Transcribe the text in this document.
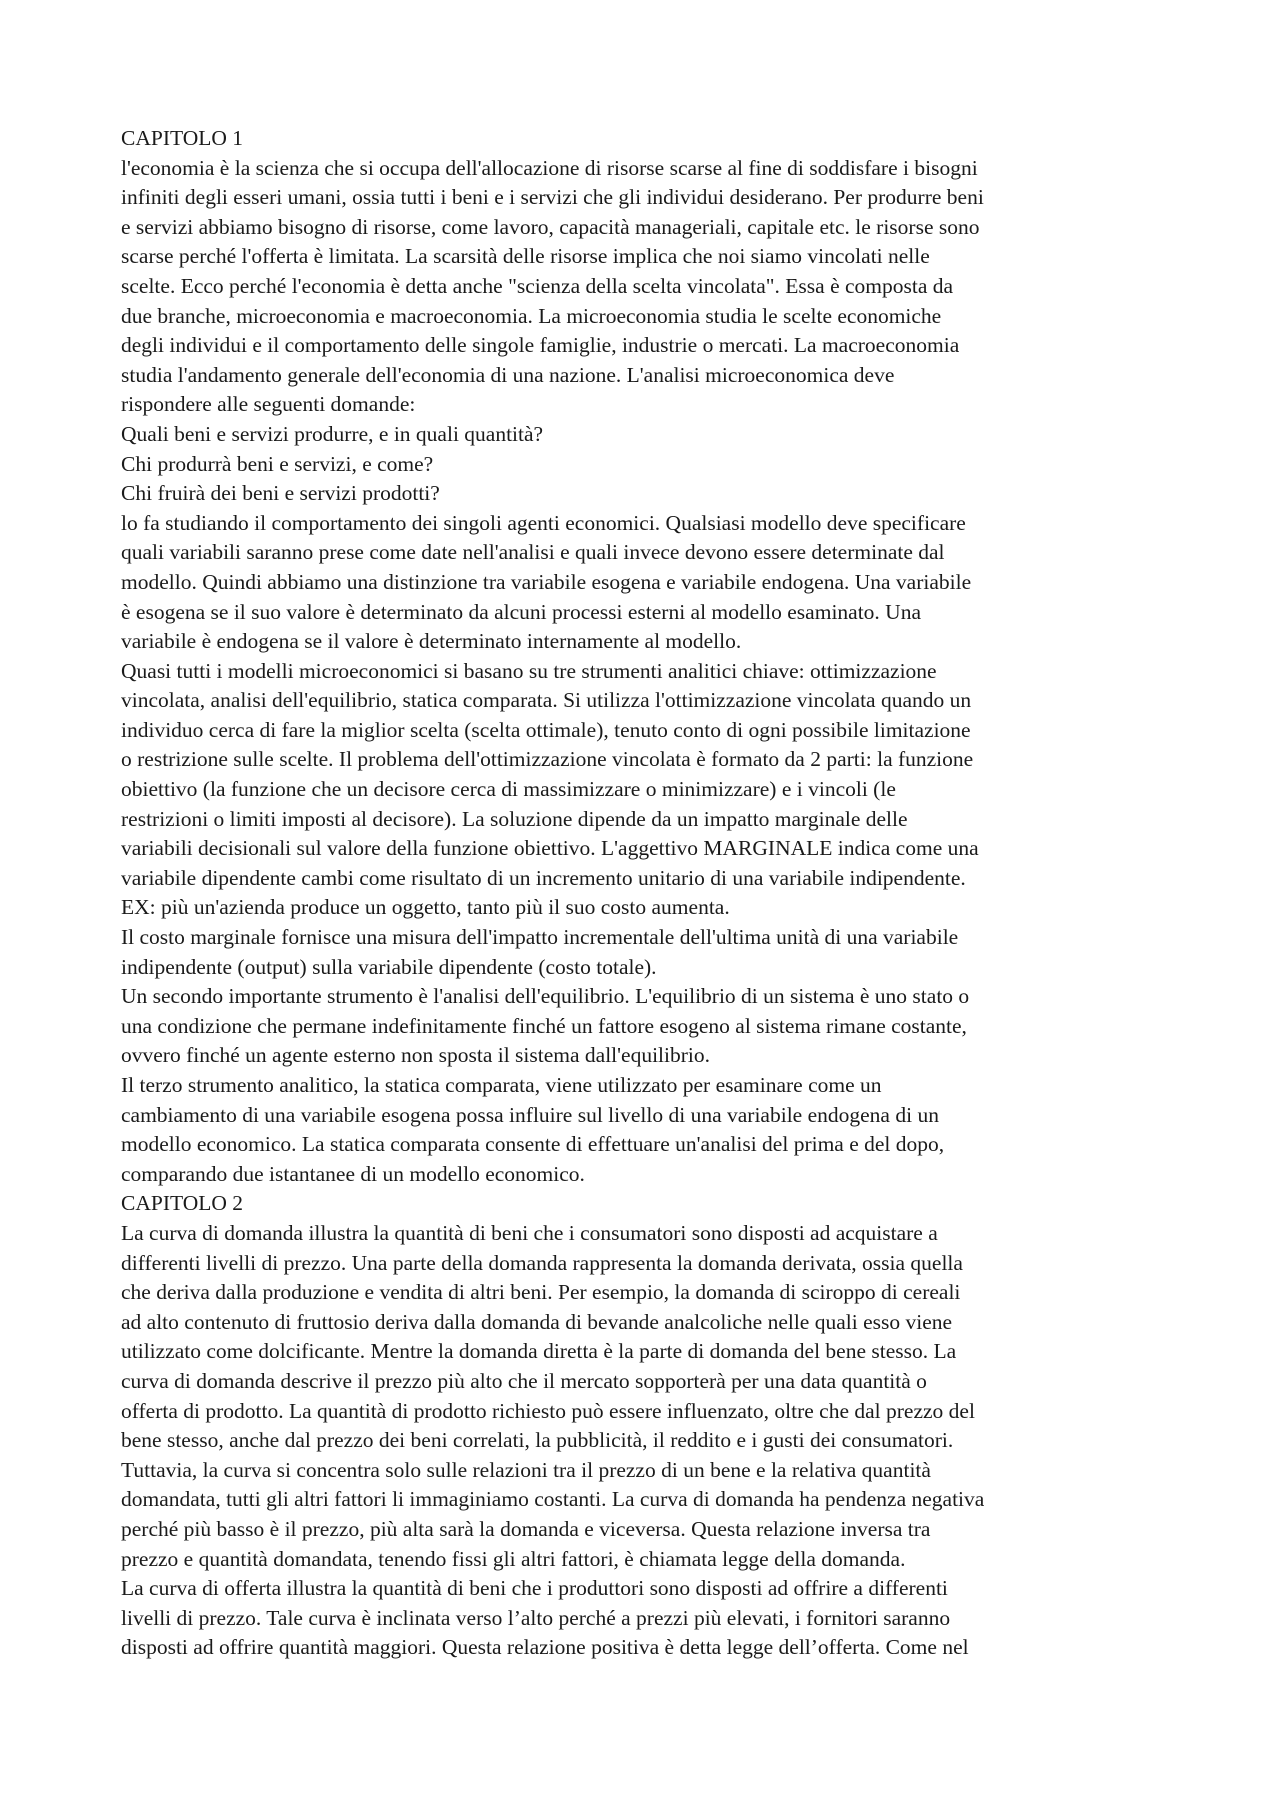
CAPITOLO 1
l'economia è la scienza che si occupa dell'allocazione di risorse scarse al fine di soddisfare i bisogni
infiniti degli esseri umani, ossia tutti i beni e i servizi che gli individui desiderano. Per produrre beni
e servizi abbiamo bisogno di risorse, come lavoro, capacità manageriali, capitale etc. le risorse sono
scarse perché l'offerta è limitata. La scarsità delle risorse implica che noi siamo vincolati nelle
scelte. Ecco perché l'economia è detta anche "scienza della scelta vincolata". Essa è composta da
due branche, microeconomia e macroeconomia. La microeconomia studia le scelte economiche
degli individui e il comportamento delle singole famiglie, industrie o mercati. La macroeconomia
studia l'andamento generale dell'economia di una nazione. L'analisi microeconomica deve
rispondere alle seguenti domande:
Quali beni e servizi produrre, e in quali quantità?
Chi produrrà beni e servizi, e come?
Chi fruirà dei beni e servizi prodotti?
lo fa studiando il comportamento dei singoli agenti economici. Qualsiasi modello deve specificare
quali variabili saranno prese come date nell'analisi e quali invece devono essere determinate dal
modello. Quindi abbiamo una distinzione tra variabile esogena e variabile endogena. Una variabile
è esogena se il suo valore è determinato da alcuni processi esterni al modello esaminato. Una
variabile è endogena se il valore è determinato internamente al modello.
Quasi tutti i modelli microeconomici si basano su tre strumenti analitici chiave: ottimizzazione
vincolata, analisi dell'equilibrio, statica comparata. Si utilizza l'ottimizzazione vincolata quando un
individuo cerca di fare la miglior scelta (scelta ottimale), tenuto conto di ogni possibile limitazione
o restrizione sulle scelte. Il problema dell'ottimizzazione vincolata è formato da 2 parti: la funzione
obiettivo (la funzione che un decisore cerca di massimizzare o minimizzare) e i vincoli (le
restrizioni o limiti imposti al decisore). La soluzione dipende da un impatto marginale delle
variabili decisionali sul valore della funzione obiettivo. L'aggettivo MARGINALE indica come una
variabile dipendente cambi come risultato di un incremento unitario di una variabile indipendente.
EX: più un'azienda produce un oggetto, tanto più il suo costo aumenta.
Il costo marginale fornisce una misura dell'impatto incrementale dell'ultima unità di una variabile
indipendente (output) sulla variabile dipendente (costo totale).
Un secondo importante strumento è l'analisi dell'equilibrio. L'equilibrio di un sistema è uno stato o
una condizione che permane indefinitamente finché un fattore esogeno al sistema rimane costante,
ovvero finché un agente esterno non sposta il sistema dall'equilibrio.
Il terzo strumento analitico, la statica comparata, viene utilizzato per esaminare come un
cambiamento di una variabile esogena possa influire sul livello di una variabile endogena di un
modello economico. La statica comparata consente di effettuare un'analisi del prima e del dopo,
comparando due istantanee di un modello economico.
CAPITOLO 2
La curva di domanda illustra la quantità di beni che i consumatori sono disposti ad acquistare a
differenti livelli di prezzo. Una parte della domanda rappresenta la domanda derivata, ossia quella
che deriva dalla produzione e vendita di altri beni. Per esempio, la domanda di sciroppo di cereali
ad alto contenuto di fruttosio deriva dalla domanda di bevande analcoliche nelle quali esso viene
utilizzato come dolcificante. Mentre la domanda diretta è la parte di domanda del bene stesso. La
curva di domanda descrive il prezzo più alto che il mercato sopporterà per una data quantità o
offerta di prodotto. La quantità di prodotto richiesto può essere influenzato, oltre che dal prezzo del
bene stesso, anche dal prezzo dei beni correlati, la pubblicità, il reddito e i gusti dei consumatori.
Tuttavia, la curva si concentra solo sulle relazioni tra il prezzo di un bene e la relativa quantità
domandata, tutti gli altri fattori li immaginiamo costanti. La curva di domanda ha pendenza negativa
perché più basso è il prezzo, più alta sarà la domanda e viceversa. Questa relazione inversa tra
prezzo e quantità domandata, tenendo fissi gli altri fattori, è chiamata legge della domanda.
La curva di offerta illustra la quantità di beni che i produttori sono disposti ad offrire a differenti
livelli di prezzo. Tale curva è inclinata verso l’alto perché a prezzi più elevati, i fornitori saranno
disposti ad offrire quantità maggiori. Questa relazione positiva è detta legge dell’offerta. Come nel
